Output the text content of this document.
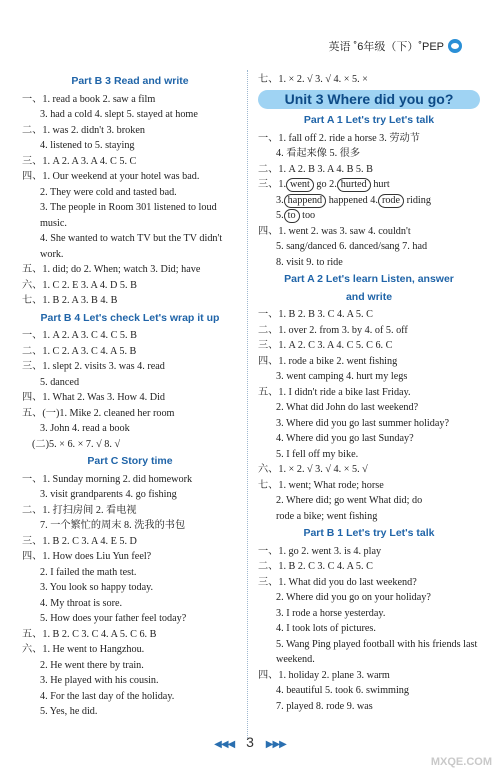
英语 ˚6年级（下）˚PEP
Part B 3 Read and write
一、1. read a book 2. saw a film
3. had a cold 4. slept 5. stayed at home
二、1. was 2. didn't 3. broken
4. listened to 5. staying
三、1. A 2. A 3. A 4. C 5. C
四、1. Our weekend at your hotel was bad.
2. They were cold and tasted bad.
3. The people in Room 301 listened to loud music.
4. She wanted to watch TV but the TV didn't work.
五、1. did; do 2. When; watch 3. Did; have
六、1. C 2. E 3. A 4. D 5. B
七、1. B 2. A 3. B 4. B
Part B 4 Let's check Let's wrap it up
一、1. A 2. A 3. C 4. C 5. B
二、1. C 2. A 3. C 4. A 5. B
三、1. slept 2. visits 3. was 4. read
5. danced
四、1. What 2. Was 3. How 4. Did
五、(一)1. Mike 2. cleaned her room
3. John 4. read a book
(二)5. × 6. × 7. √ 8. √
Part C Story time
一、1. Sunday morning 2. did homework
3. visit grandparents 4. go fishing
二、1. 打扫房间 2. 看电视
7. 一个繁忙的周末 8. 洗我的书包
三、1. B 2. C 3. A 4. E 5. D
四、1. How does Liu Yun feel?
2. I failed the math test.
3. You look so happy today.
4. My throat is sore.
5. How does your father feel today?
五、1. B 2. C 3. C 4. A 5. C 6. B
六、1. He went to Hangzhou.
2. He went there by train.
3. He played with his cousin.
4. For the last day of the holiday.
5. Yes, he did.
七、1. × 2. √ 3. √ 4. × 5. ×
Unit 3 Where did you go?
Part A 1 Let's try Let's talk
一、1. fall off 2. ride a horse 3. 劳动节
4. 看起来像 5. 很多
二、1. A 2. B 3. A 4. B 5. B
三、1. went go 2. hurted hurt
3. happend happened 4. rode riding
5. to too
四、1. went 2. was 3. saw 4. couldn't
5. sang/danced 6. danced/sang 7. had
8. visit 9. to ride
Part A 2 Let's learn Listen, answer
and write
一、1. B 2. B 3. C 4. A 5. C
二、1. over 2. from 3. by 4. of 5. off
三、1. A 2. C 3. A 4. C 5. C 6. C
四、1. rode a bike 2. went fishing
3. went camping 4. hurt my legs
五、1. I didn't ride a bike last Friday.
2. What did John do last weekend?
3. Where did you go last summer holiday?
4. Where did you go last Sunday?
5. I fell off my bike.
六、1. × 2. √ 3. √ 4. × 5. √
七、1. went; What rode; horse
2. Where did; go went What did; do
rode a bike; went fishing
Part B 1 Let's try Let's talk
一、1. go 2. went 3. is 4. play
二、1. B 2. C 3. C 4. A 5. C
三、1. What did you do last weekend?
2. Where did you go on your holiday?
3. I rode a horse yesterday.
4. I took lots of pictures.
5. Wang Ping played football with his friends last weekend.
四、1. holiday 2. plane 3. warm
4. beautiful 5. took 6. swimming
7. played 8. rode 9. was
◀◀◀ 3 ▶▶▶
MXQE.COM
